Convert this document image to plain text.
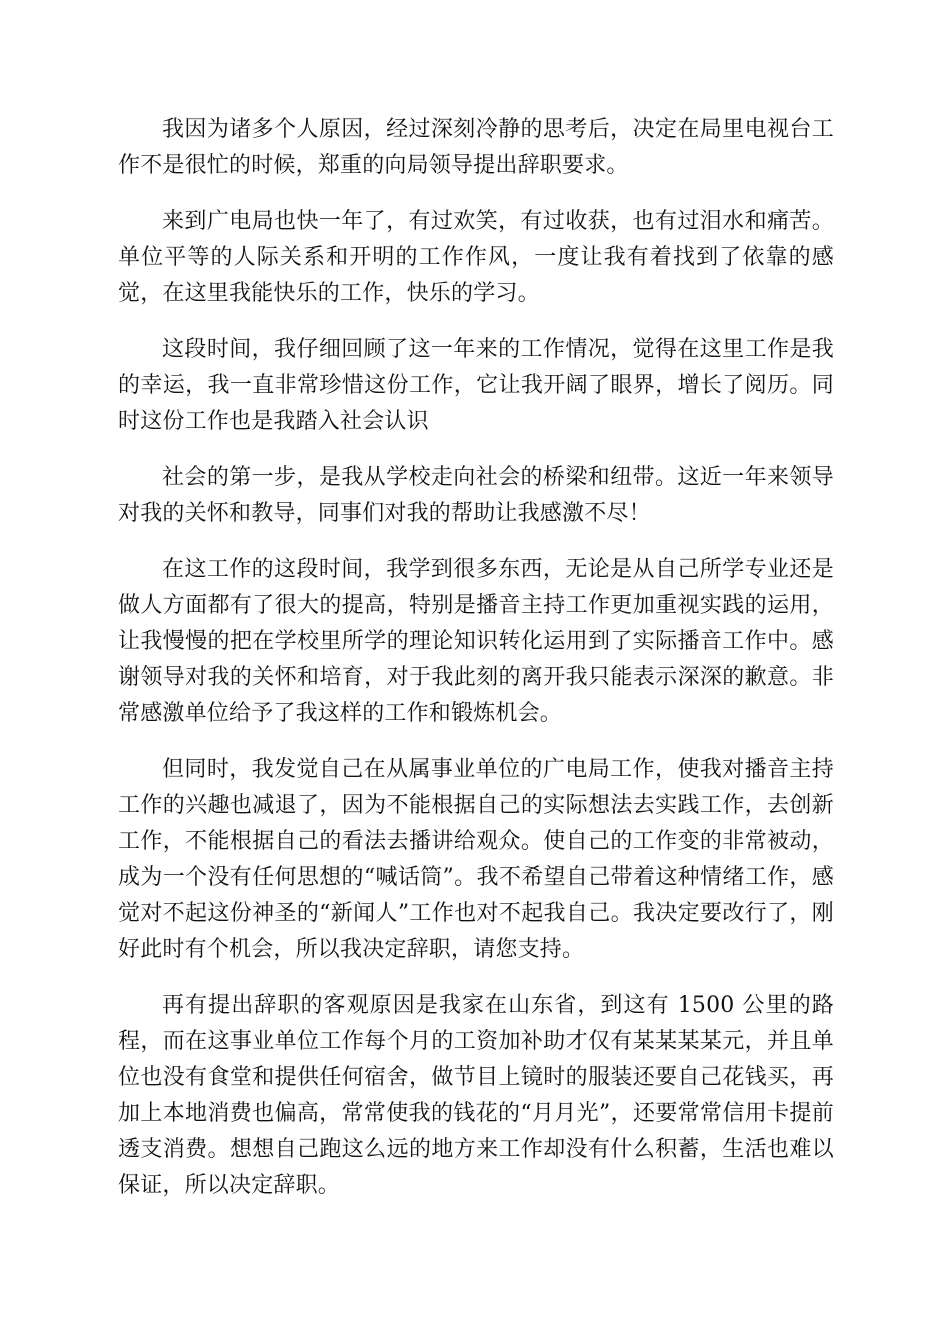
我因为诸多个人原因，经过深刻冷静的思考后，决定在局里电视台工作不是很忙的时候，郑重的向局领导提出辞职要求。

来到广电局也快一年了，有过欢笑，有过收获，也有过泪水和痛苦。单位平等的人际关系和开明的工作作风，一度让我有着找到了依靠的感觉，在这里我能快乐的工作，快乐的学习。

这段时间，我仔细回顾了这一年来的工作情况，觉得在这里工作是我的幸运，我一直非常珍惜这份工作，它让我开阔了眼界，增长了阅历。同时这份工作也是我踏入社会认识

社会的第一步，是我从学校走向社会的桥梁和纽带。这近一年来领导对我的关怀和教导，同事们对我的帮助让我感激不尽！

在这工作的这段时间，我学到很多东西，无论是从自己所学专业还是做人方面都有了很大的提高，特别是播音主持工作更加重视实践的运用，让我慢慢的把在学校里所学的理论知识转化运用到了实际播音工作中。感谢领导对我的关怀和培育，对于我此刻的离开我只能表示深深的歉意。非常感激单位给予了我这样的工作和锻炼机会。

但同时，我发觉自己在从属事业单位的广电局工作，使我对播音主持工作的兴趣也减退了，因为不能根据自己的实际想法去实践工作，去创新工作，不能根据自己的看法去播讲给观众。使自己的工作变的非常被动，成为一个没有任何思想的“喊话筒”。我不希望自己带着这种情绪工作，感觉对不起这份神圣的“新闻人”工作也对不起我自己。我决定要改行了，刚好此时有个机会，所以我决定辞职，请您支持。

再有提出辞职的客观原因是我家在山东省，到这有 1500 公里的路程，而在这事业单位工作每个月的工资加补助才仅有某某某某元，并且单位也没有食堂和提供任何宿舍，做节目上镜时的服装还要自己花钱买，再加上本地消费也偏高，常常使我的钱花的“月月光”，还要常常信用卡提前透支消费。想想自己跑这么远的地方来工作却没有什么积蓄，生活也难以保证，所以决定辞职。
